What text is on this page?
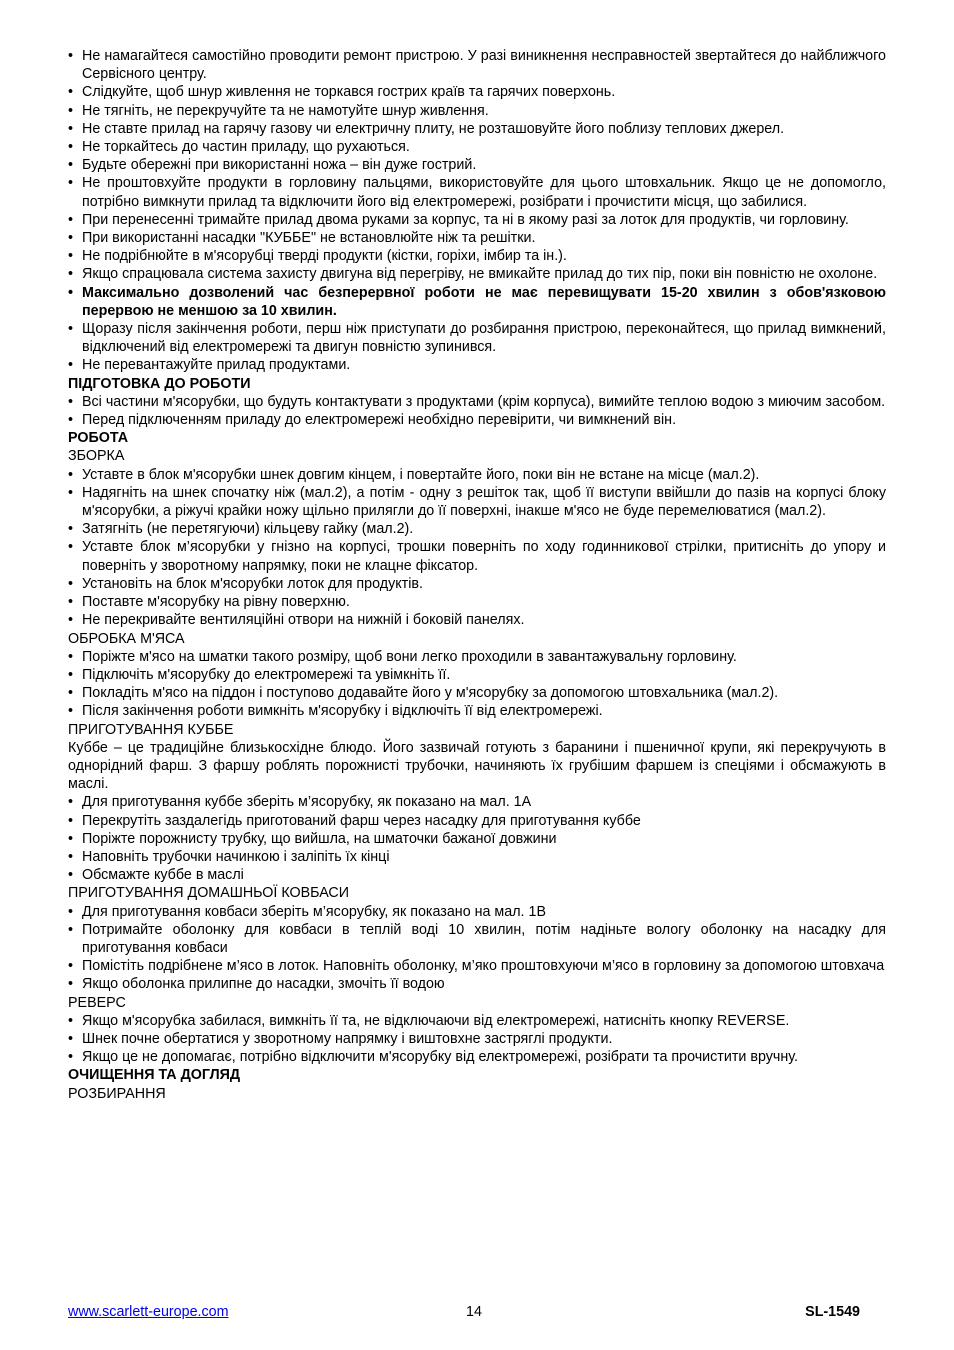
• Не намагайтеся самостійно проводити ремонт пристрою. У разі виникнення несправностей звертайтеся до найближчого Сервісного центру.
• Слідкуйте, щоб шнур живлення не торкався гострих країв та гарячих поверхонь.
• Не тягніть, не перекручуйте та не намотуйте шнур живлення.
• Не ставте прилад на гарячу газову чи електричну плиту, не розташовуйте його поблизу теплових джерел.
• Не торкайтесь до частин приладу, що рухаються.
• Будьте обережні при використанні ножа – він дуже гострий.
• Не проштовхуйте продукти в горловину пальцями, використовуйте для цього штовхальник. Якщо це не допомогло, потрібно вимкнути прилад та відключити його від електромережі, розібрати і прочистити місця, що забилися.
• При перенесенні тримайте прилад двома руками за корпус, та ні в якому разі за лоток для продуктів, чи горловину.
• При використанні насадки "КУББЕ" не встановлюйте ніж та решітки.
• Не подрібнюйте в м'ясорубці тверді продукти (кістки, горіхи, імбир та ін.).
• Якщо спрацювала система захисту двигуна від перегріву, не вмикайте прилад до тих пір, поки він повністю не охолоне.
• Максимально дозволений час безперервної роботи не має перевищувати 15-20 хвилин з обов'язковою перервою не меншою за 10 хвилин.
• Щоразу після закінчення роботи, перш ніж приступати до розбирання пристрою, переконайтеся, що прилад вимкнений, відключений від електромережі та двигун повністю зупинився.
• Не перевантажуйте прилад продуктами.
ПІДГОТОВКА ДО РОБОТИ
• Всі частини м'ясорубки, що будуть контактувати з продуктами (крім корпуса), вимийте теплою водою з миючим засобом.
• Перед підключенням приладу до електромережі необхідно перевірити, чи вимкнений він.
РОБОТА
ЗБОРКА
• Уставте в блок м'ясорубки шнек довгим кінцем, і повертайте його, поки він не встане на місце (мал.2).
• Надягніть на шнек спочатку ніж (мал.2), а потім - одну з решіток так, щоб її виступи ввійшли до пазів на корпусі блоку м'ясорубки, а ріжучі крайки ножу щільно прилягли до її поверхні, інакше м'ясо не буде перемелюватися (мал.2).
• Затягніть (не перетягуючи) кільцеву гайку (мал.2).
• Уставте блок м’ясорубки у гнізно на корпусі, трошки поверніть по ходу годинникової стрілки, притисніть до упору и поверніть у зворотному напрямку, поки не клацне фіксатор.
• Установіть на блок м'ясорубки лоток для продуктів.
• Поставте м'ясорубку на рівну поверхню.
• Не перекривайте вентиляційні отвори на нижній і боковій панелях.
ОБРОБКА М'ЯСА
• Поріжте м'ясо на шматки такого розміру, щоб вони легко проходили в завантажувальну горловину.
• Підключіть м'ясорубку до електромережі та увімкніть її.
• Покладіть м'ясо на піддон і поступово додавайте його у м'ясорубку за допомогою штовхальника (мал.2).
• Після закінчення роботи вимкніть м'ясорубку і відключіть її від електромережі.
ПРИГОТУВАННЯ КУББЕ
Куббе – це традиційне близькосхідне блюдо. Його зазвичай готують з баранини і пшеничної крупи, які перекручують в однорідний фарш. З фаршу роблять порожнисті трубочки, начиняють їх грубішим фаршем із спеціями і обсмажують в маслі.
• Для приготування куббе зберіть м’ясорубку, як показано на мал. 1А
• Перекрутіть заздалегідь приготований фарш через насадку для приготування куббе
• Поріжте порожнисту трубку, що вийшла, на шматочки бажаної довжини
• Наповніть трубочки начинкою і заліпіть їх кінці
• Обсмажте куббе в маслі
ПРИГОТУВАННЯ ДОМАШНЬОЇ КОВБАСИ
• Для приготування ковбаси зберіть м’ясорубку, як показано на мал. 1В
• Потримайте оболонку для ковбаси в теплій воді 10 хвилин, потім надіньте вологу оболонку на насадку для приготування ковбаси
• Помістіть подрібнене м’ясо в лоток. Наповніть оболонку, м’яко проштовхуючи м’ясо в горловину за допомогою штовхача
• Якщо оболонка прилипне до насадки, змочіть її водою
РЕВЕРС
• Якщо м'ясорубка забилася, вимкніть її та, не відключаючи від електромережі, натисніть кнопку REVERSE.
• Шнек почне обертатися у зворотному напрямку і виштовхне застряглі продукти.
• Якщо це не допомагає, потрібно відключити м'ясорубку від електромережі, розібрати та прочистити вручну.
ОЧИЩЕННЯ ТА ДОГЛЯД
РОЗБИРАННЯ
www.scarlett-europe.com	14	SL-1549
